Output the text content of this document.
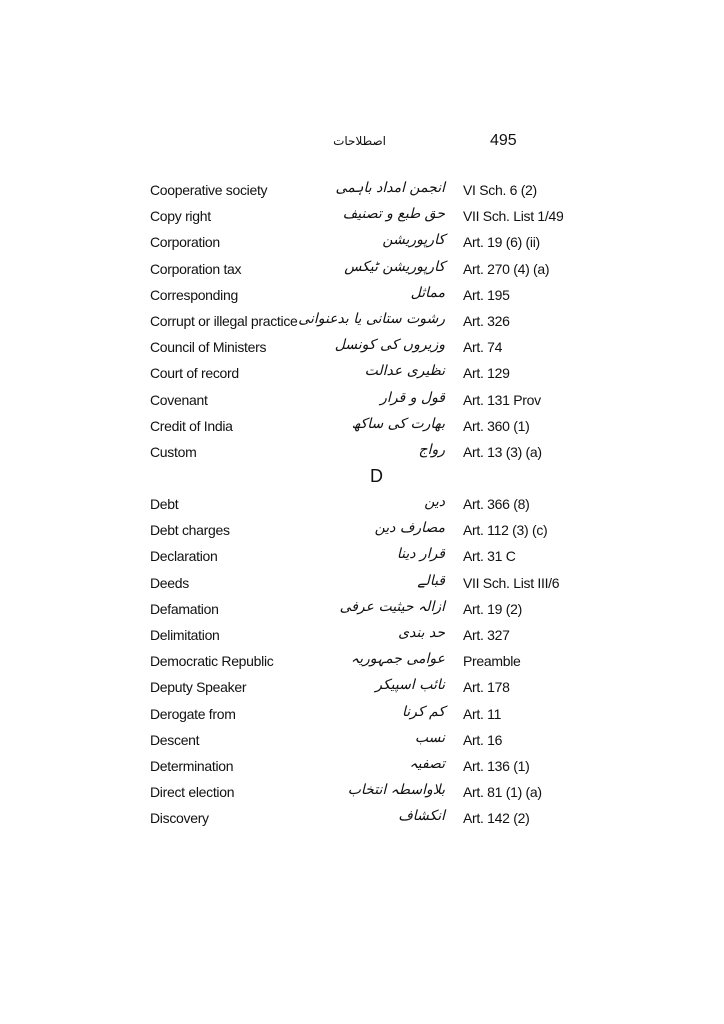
اصطلاحات	495
Cooperative society	انجمن امداد باہمی VI Sch. 6 (2)
Copy right	حق طبع و تصنیف VII Sch. List 1/49
Corporation	کارپوریشن Art. 19 (6) (ii)
Corporation tax	کارپوریشن ٹیکس Art. 270 (4) (a)
Corresponding	مماثل Art. 195
Corrupt or illegal practice رشوت ستانی یا بدعنوانی Art. 326
Council of Ministers	وزیروں کی کونسل Art. 74
Court of record	نظیری عدالت Art. 129
Covenant	قول و قرار Art. 131 Prov
Credit of India	بھارت کی ساکھ Art. 360 (1)
Custom	رواج Art. 13 (3) (a)
D
Debt	دین Art. 366 (8)
Debt charges	مصارف دین Art. 112 (3) (c)
Declaration	قرار دینا Art. 31 C
Deeds	قبالے VII Sch. List III/6
Defamation	ازالہ حیثیت عرفی Art. 19 (2)
Delimitation	حد بندی Art. 327
Democratic Republic	عوامی جمہوریہ Preamble
Deputy Speaker	نائب اسپیکر Art. 178
Derogate from	کم کرنا Art. 11
Descent	نسب Art. 16
Determination	تصفیہ Art. 136 (1)
Direct election	بلاواسطہ انتخاب Art. 81 (1) (a)
Discovery	انکشاف Art. 142 (2)
